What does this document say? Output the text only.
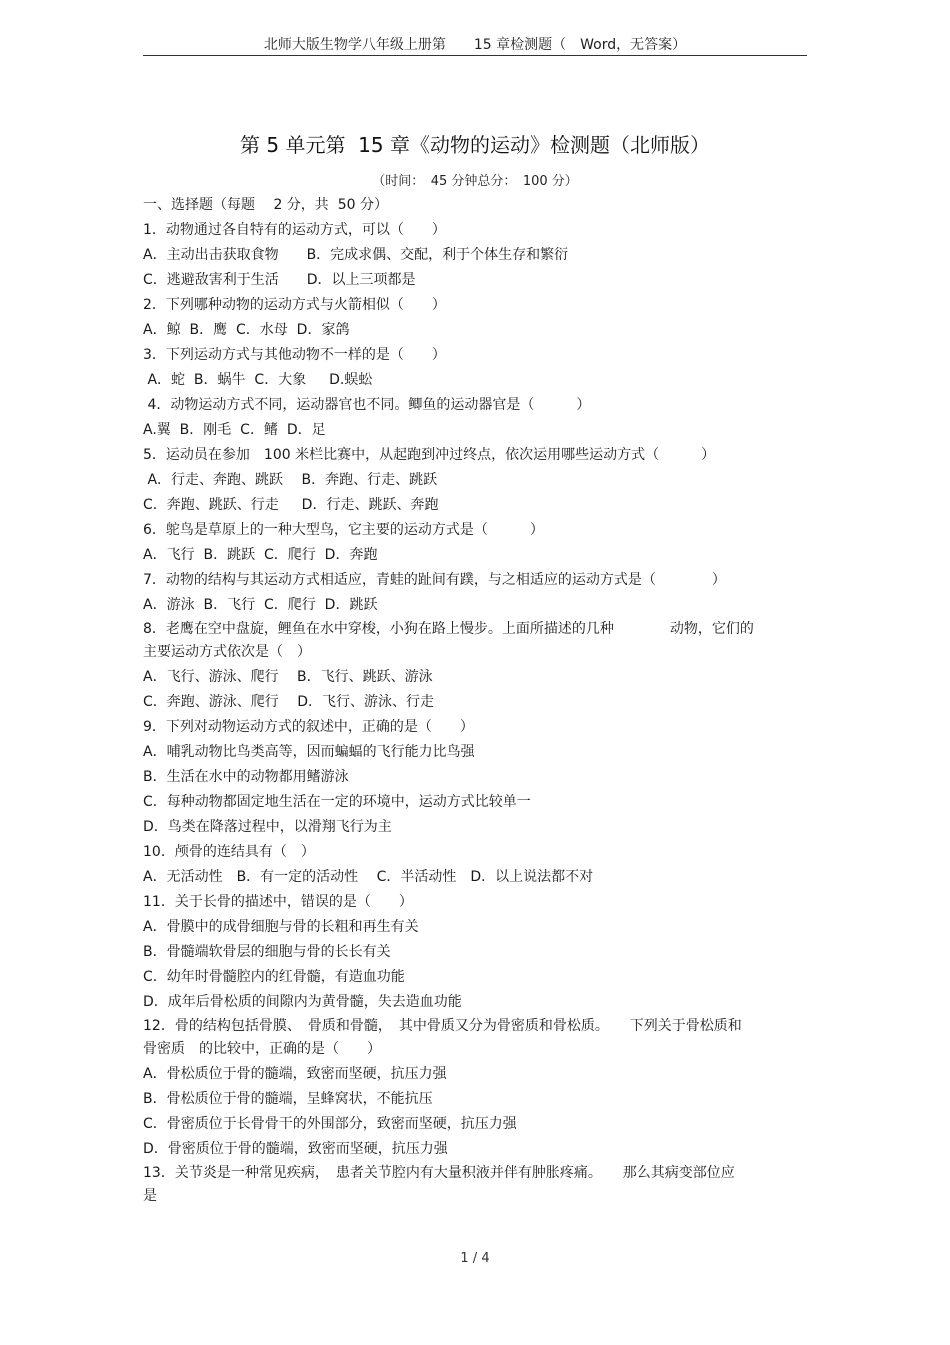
北师大版生物学八年级上册第　　15 章检测题（　Word，无答案）
第 5 单元第  15 章《动物的运动》检测题（北师版）
（时间：　45 分钟总分：　100 分）
一、选择题（每题　 2 分，共  50 分）
1．动物通过各自特有的运动方式，可以（　　）
A．主动出击获取食物　　B．完成求偶、交配，利于个体生存和繁衍
C．逃避敌害利于生活　　D．以上三项都是
2．下列哪种动物的运动方式与火箭相似（　　）
A．鲸  B．鹰  C．水母  D．家鸽
3．下列运动方式与其他动物不一样的是（　　）
A．蛇  B．蜗牛  C．大象　  D.蜈蚣
4．动物运动方式不同，运动器官也不同。鲫鱼的运动器官是（　　　）
A.翼  B．刚毛  C．鳍  D．足
5．运动员在参加　100 米栏比赛中，从起跑到冲过终点，依次运用哪些运动方式（　　　）
A．行走、奔跑、跳跃　 B．奔跑、行走、跳跃
C．奔跑、跳跃、行走　  D．行走、跳跃、奔跑
6．鸵鸟是草原上的一种大型鸟，它主要的运动方式是（　　　）
A．飞行  B．跳跃  C．爬行  D．奔跑
7．动物的结构与其运动方式相适应，青蛙的趾间有蹼，与之相适应的运动方式是（　　　　）
A．游泳  B．飞行  C．爬行  D．跳跃
8．老鹰在空中盘旋，鲤鱼在水中穿梭，小狗在路上慢步。上面所描述的几种　　　　动物，它们的
主要运动方式依次是（　）
A．飞行、游泳、爬行　 B．飞行、跳跃、游泳
C．奔跑、游泳、爬行　 D．飞行、游泳、行走
9．下列对动物运动方式的叙述中，正确的是（　　）
A．哺乳动物比鸟类高等，因而蝙蝠的飞行能力比鸟强
B．生活在水中的动物都用鳍游泳
C．每种动物都固定地生活在一定的环境中，运动方式比较单一
D．鸟类在降落过程中，以滑翔飞行为主
10．颅骨的连结具有（　）
A．无活动性　B．有一定的活动性　 C．半活动性　D．以上说法都不对
11．关于长骨的描述中，错误的是（　　）
A．骨膜中的成骨细胞与骨的长粗和再生有关
B．骨髓端软骨层的细胞与骨的长长有关
C．幼年时骨髓腔内的红骨髓，有造血功能
D．成年后骨松质的间隙内为黄骨髓，失去造血功能
12．骨的结构包括骨膜、　骨质和骨髓，　其中骨质又分为骨密质和骨松质。　　下列关于骨松质和
骨密质　的比较中，正确的是（　　）
A．骨松质位于骨的髓端，致密而坚硬，抗压力强
B．骨松质位于骨的髓端，呈蜂窝状，不能抗压
C．骨密质位于长骨骨干的外围部分，致密而坚硬，抗压力强
D．骨密质位于骨的髓端，致密而坚硬，抗压力强
13．关节炎是一种常见疾病，　患者关节腔内有大量积液并伴有肿胀疼痛。　　那么其病变部位应
是
1 / 4
